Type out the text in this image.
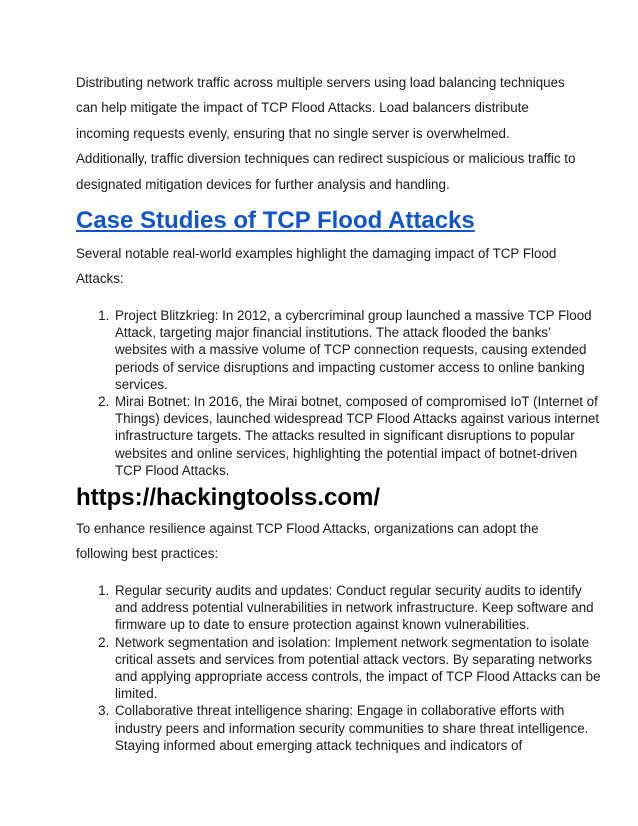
Distributing network traffic across multiple servers using load balancing techniques can help mitigate the impact of TCP Flood Attacks. Load balancers distribute incoming requests evenly, ensuring that no single server is overwhelmed. Additionally, traffic diversion techniques can redirect suspicious or malicious traffic to designated mitigation devices for further analysis and handling.

Case Studies of TCP Flood Attacks

Several notable real-world examples highlight the damaging impact of TCP Flood Attacks:

1. Project Blitzkrieg: In 2012, a cybercriminal group launched a massive TCP Flood Attack, targeting major financial institutions. The attack flooded the banks’ websites with a massive volume of TCP connection requests, causing extended periods of service disruptions and impacting customer access to online banking services.
2. Mirai Botnet: In 2016, the Mirai botnet, composed of compromised IoT (Internet of Things) devices, launched widespread TCP Flood Attacks against various internet infrastructure targets. The attacks resulted in significant disruptions to popular websites and online services, highlighting the potential impact of botnet-driven TCP Flood Attacks.
https://hackingtoolss.com/

To enhance resilience against TCP Flood Attacks, organizations can adopt the following best practices:

1. Regular security audits and updates: Conduct regular security audits to identify and address potential vulnerabilities in network infrastructure. Keep software and firmware up to date to ensure protection against known vulnerabilities.
2. Network segmentation and isolation: Implement network segmentation to isolate critical assets and services from potential attack vectors. By separating networks and applying appropriate access controls, the impact of TCP Flood Attacks can be limited.
3. Collaborative threat intelligence sharing: Engage in collaborative efforts with industry peers and information security communities to share threat intelligence. Staying informed about emerging attack techniques and indicators of
